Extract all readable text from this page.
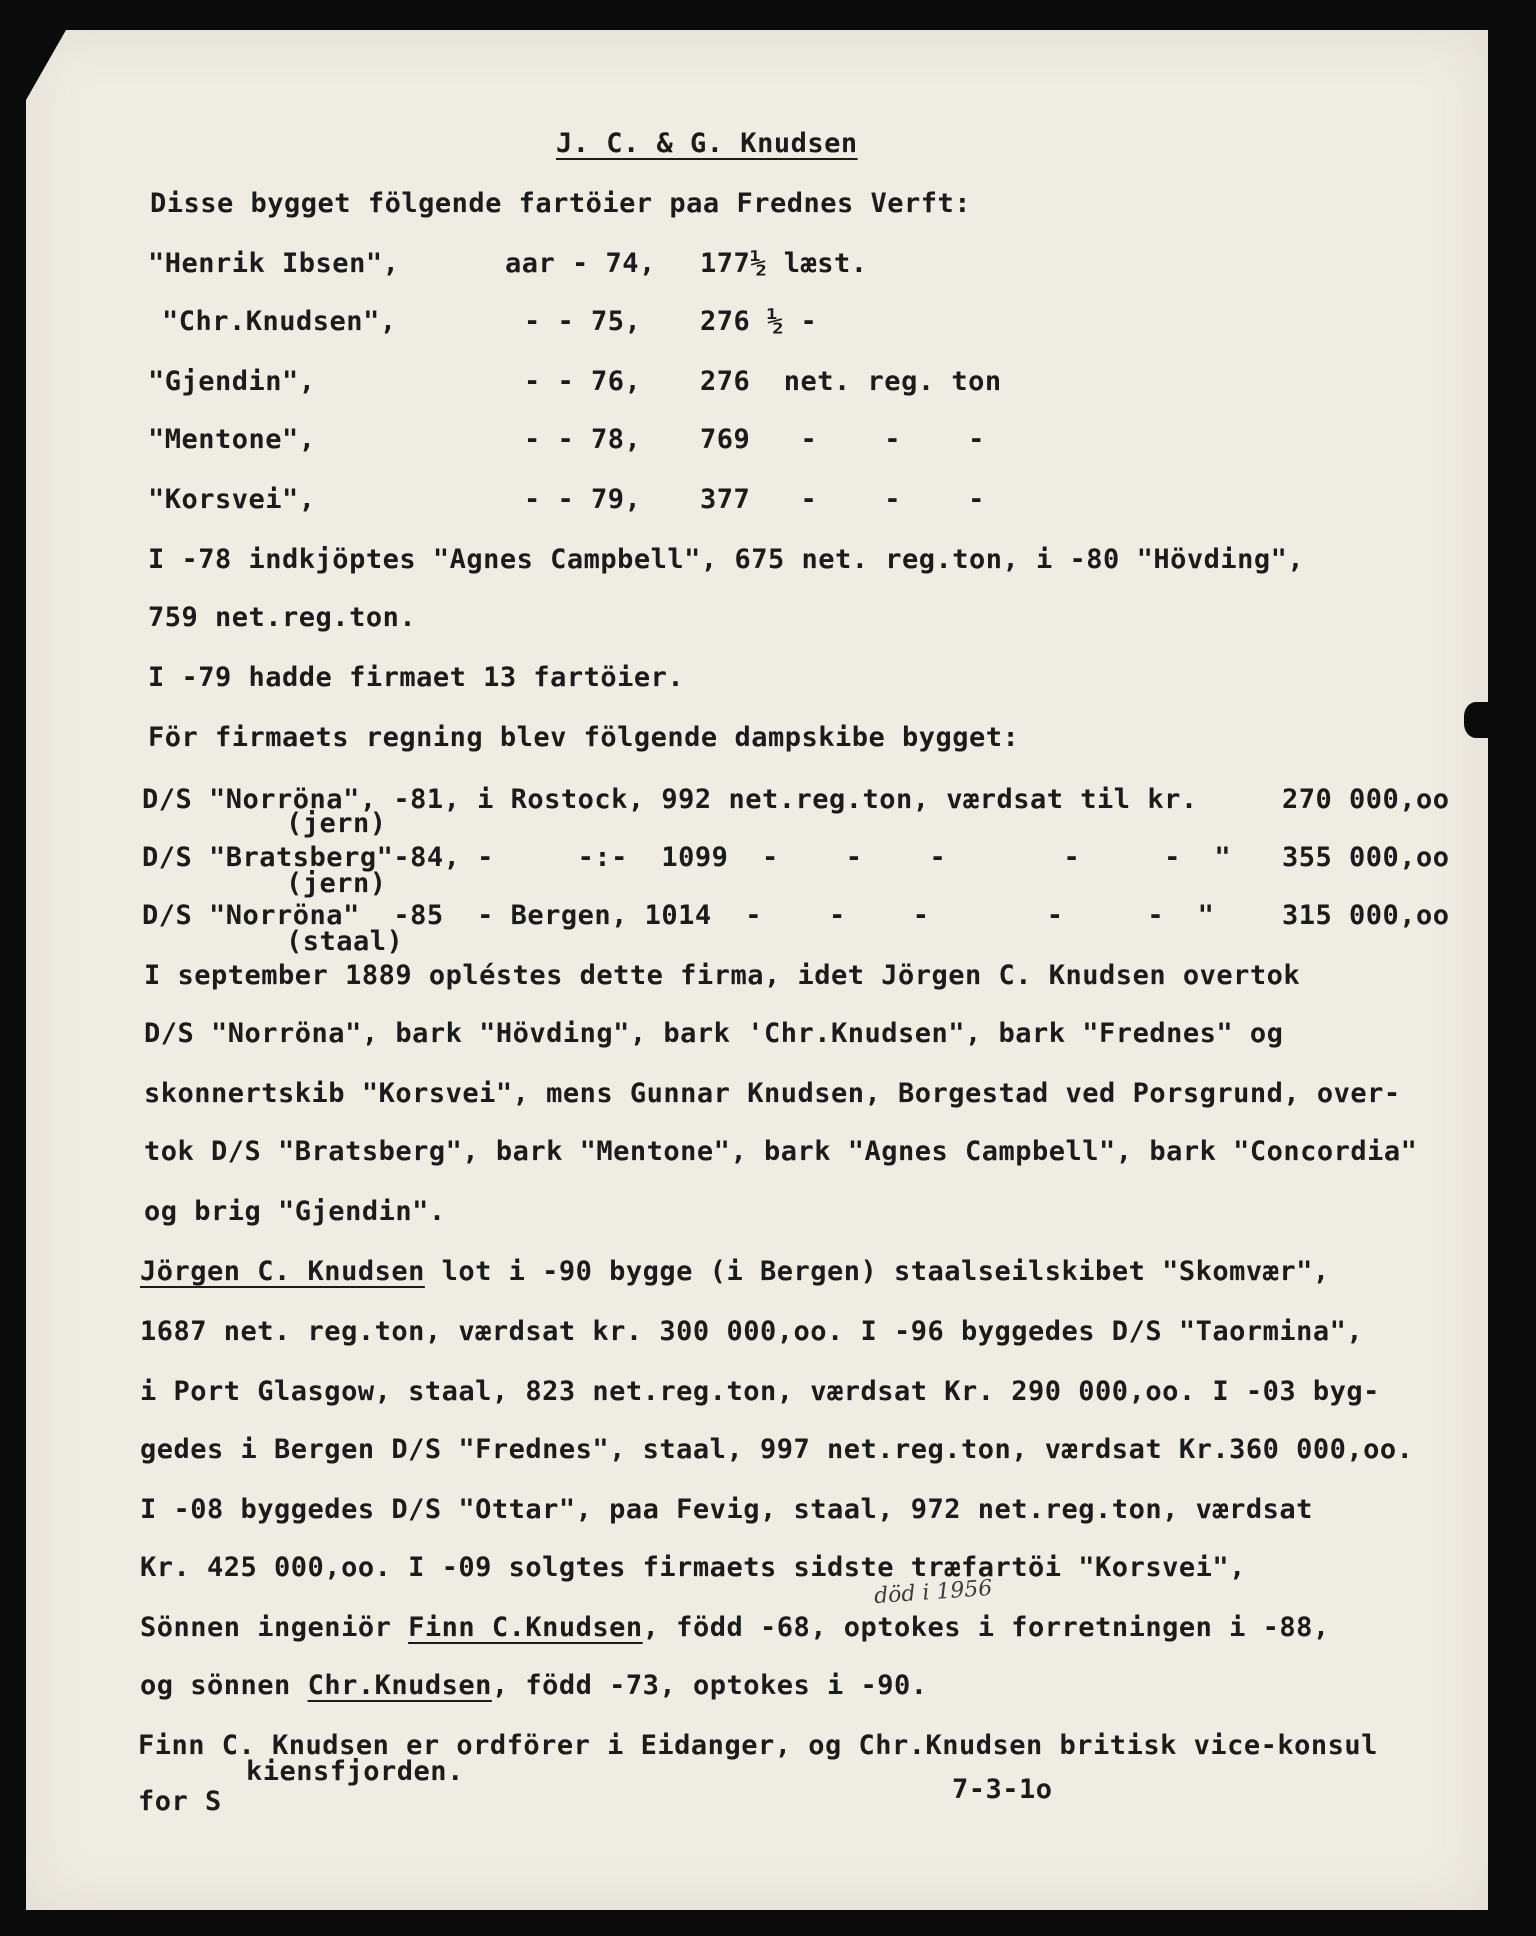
J. C. & G. Knudsen
Disse bygget fölgende fartöier paa Frednes Verft:
"Henrik Ibsen",	aar - 74, 177½ læst.
"Chr.Knudsen",	- - 75, 276 ½ -
"Gjendin",	- - 76, 276  net. reg. ton
"Mentone",	- - 78, 769   -    -    -
"Korsvei",	- - 79, 377   -    -    -
I -78 indkjöptes "Agnes Campbell", 675 net. reg.ton, i -80 "Hövding",
759 net.reg.ton.
I -79 hadde firmaet 13 fartöier.
För firmaets regning blev fölgende dampskibe bygget:
D/S "Norröna", -81, i Rostock, 992 net.reg.ton, værdsat til kr.	270 000,oo
(jern)
D/S "Bratsberg"-84, -     -:-  1099  -    -    -       -     -  " 355 000,oo
(jern)
D/S "Norröna"  -85  - Bergen, 1014  -    -    -       -     -  "	315 000,oo
(staal)
I september 1889 opléstes dette firma, idet Jörgen C. Knudsen overtok
D/S "Norröna", bark "Hövding", bark 'Chr.Knudsen", bark "Frednes" og
skonnertskib "Korsvei", mens Gunnar Knudsen, Borgestad ved Porsgrund, over-
tok D/S "Bratsberg", bark "Mentone", bark "Agnes Campbell", bark "Concordia"
og brig "Gjendin".
Jörgen C. Knudsen lot i -90 bygge (i Bergen) staalseilskibet "Skomvær",
1687 net. reg.ton, værdsat kr. 300 000,oo. I -96 byggedes D/S "Taormina",
i Port Glasgow, staal, 823 net.reg.ton, værdsat Kr. 290 000,oo. I -03 byg-
gedes i Bergen D/S "Frednes", staal, 997 net.reg.ton, værdsat Kr.360 000,oo.
I -08 byggedes D/S "Ottar", paa Fevig, staal, 972 net.reg.ton, værdsat
Kr. 425 000,oo. I -09 solgtes firmaets sidste træfartöi "Korsvei",
död i 1956
Sönnen ingeniör Finn C.Knudsen, född -68, optokes i forretningen i -88,
og sönnen Chr.Knudsen, född -73, optokes i -90.
Finn C. Knudsen er ordförer i Eidanger, og Chr.Knudsen britisk vice-konsul
kiensfjorden.
for S	7-3-1o
